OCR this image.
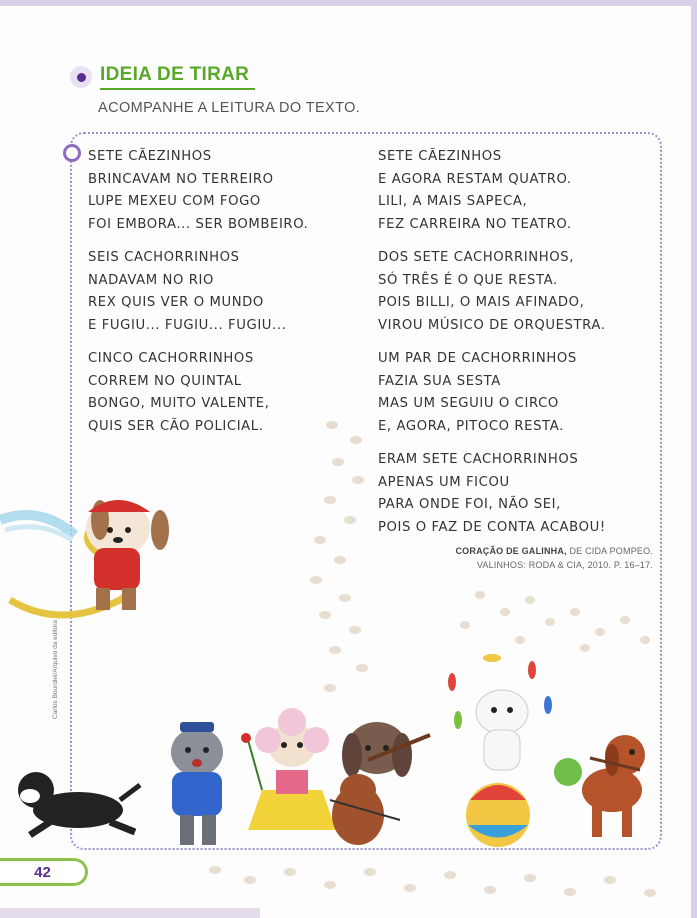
IDEIA DE TIRAR
ACOMPANHE A LEITURA DO TEXTO.
SETE CÃEZINHOS
BRINCAVAM NO TERREIRO
LUPE MEXEU COM FOGO
FOI EMBORA... SER BOMBEIRO.
SEIS CACHORRINHOS
NADAVAM NO RIO
REX QUIS VER O MUNDO
E FUGIU... FUGIU... FUGIU...
CINCO CACHORRINHOS
CORREM NO QUINTAL
BONGO, MUITO VALENTE,
QUIS SER CÃO POLICIAL.
SETE CÃEZINHOS
E AGORA RESTAM QUATRO.
LILI, A MAIS SAPECA,
FEZ CARREIRA NO TEATRO.
DOS SETE CACHORRINHOS,
SÓ TRÊS É O QUE RESTA.
POIS BILLI, O MAIS AFINADO,
VIROU MÚSICO DE ORQUESTRA.
UM PAR DE CACHORRINHOS
FAZIA SUA SESTA
MAS UM SEGUIU O CIRCO
E, AGORA, PITOCO RESTA.
ERAM SETE CACHORRINHOS
APENAS UM FICOU
PARA ONDE FOI, NÃO SEI,
POIS O FAZ DE CONTA ACABOU!
CORAÇÃO DE GALINHA, DE CIDA POMPEO.
VALINHOS: RODA & CIA, 2010. P. 16–17.
Carlos Bourdiel/Arquivo da editora
42
